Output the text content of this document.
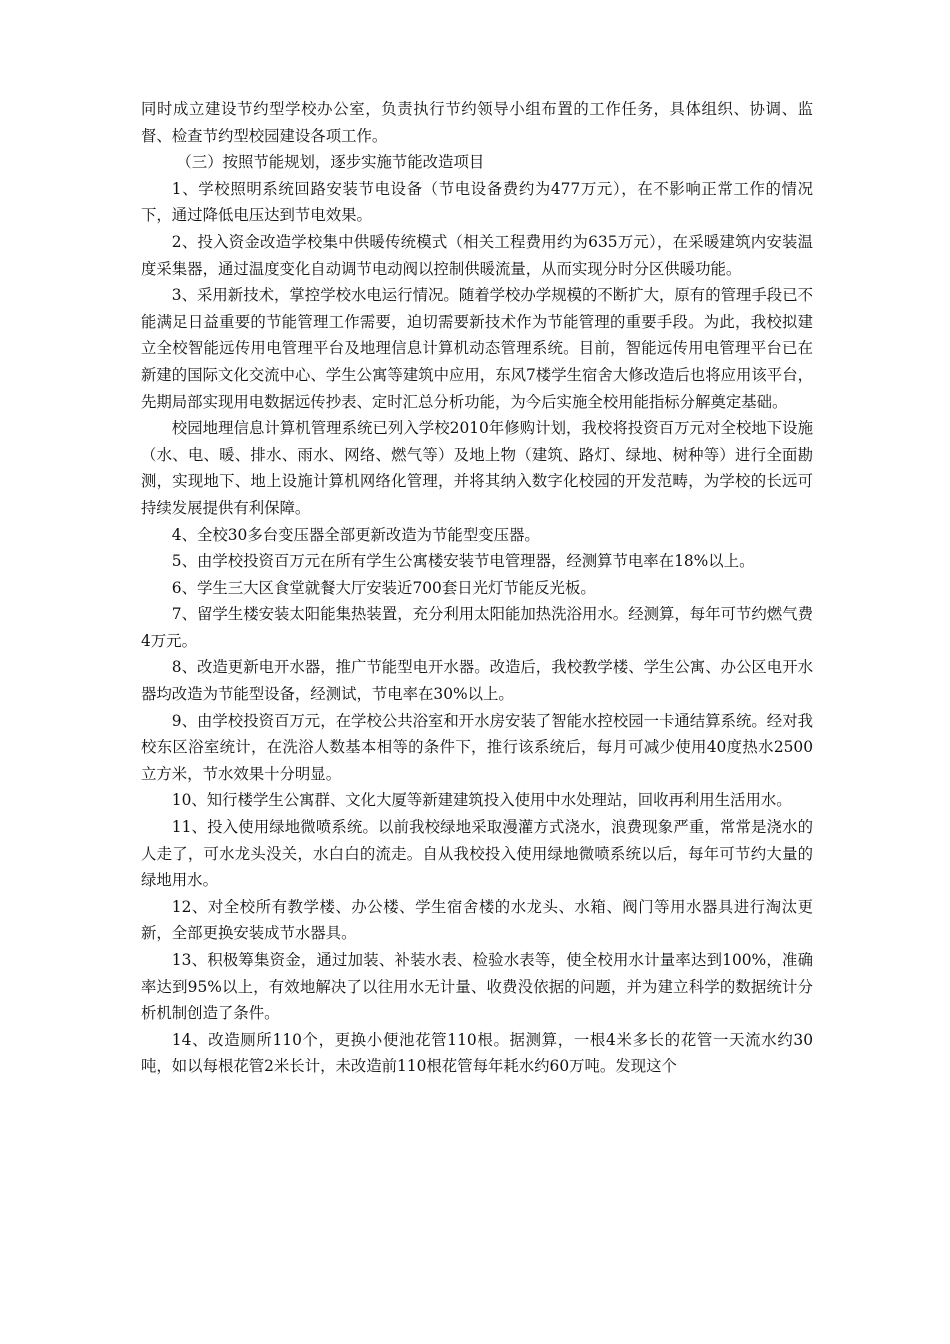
同时成立建设节约型学校办公室，负责执行节约领导小组布置的工作任务，具体组织、协调、监督、检查节约型校园建设各项工作。

（三）按照节能规划，逐步实施节能改造项目

1、学校照明系统回路安装节电设备（节电设备费约为477万元），在不影响正常工作的情况下，通过降低电压达到节电效果。

2、投入资金改造学校集中供暖传统模式（相关工程费用约为635万元），在采暖建筑内安装温度采集器，通过温度变化自动调节电动阀以控制供暖流量，从而实现分时分区供暖功能。

3、采用新技术，掌控学校水电运行情况。随着学校办学规模的不断扩大，原有的管理手段已不能满足日益重要的节能管理工作需要，迫切需要新技术作为节能管理的重要手段。为此，我校拟建立全校智能远传用电管理平台及地理信息计算机动态管理系统。目前，智能远传用电管理平台已在新建的国际文化交流中心、学生公寓等建筑中应用，东风7楼学生宿舍大修改造后也将应用该平台，先期局部实现用电数据远传抄表、定时汇总分析功能，为今后实施全校用能指标分解奠定基础。

校园地理信息计算机管理系统已列入学校2010年修购计划，我校将投资百万元对全校地下设施（水、电、暖、排水、雨水、网络、燃气等）及地上物（建筑、路灯、绿地、树种等）进行全面勘测，实现地下、地上设施计算机网络化管理，并将其纳入数字化校园的开发范畴，为学校的长远可持续发展提供有利保障。

4、全校30多台变压器全部更新改造为节能型变压器。

5、由学校投资百万元在所有学生公寓楼安装节电管理器，经测算节电率在18%以上。

6、学生三大区食堂就餐大厅安装近700套日光灯节能反光板。

7、留学生楼安装太阳能集热装置，充分利用太阳能加热洗浴用水。经测算，每年可节约燃气费4万元。

8、改造更新电开水器，推广节能型电开水器。改造后，我校教学楼、学生公寓、办公区电开水器均改造为节能型设备，经测试，节电率在30%以上。

9、由学校投资百万元，在学校公共浴室和开水房安装了智能水控校园一卡通结算系统。经对我校东区浴室统计，在洗浴人数基本相等的条件下，推行该系统后，每月可减少使用40度热水2500立方米，节水效果十分明显。

10、知行楼学生公寓群、文化大厦等新建建筑投入使用中水处理站，回收再利用生活用水。

11、投入使用绿地微喷系统。以前我校绿地采取漫灌方式浇水，浪费现象严重，常常是浇水的人走了，可水龙头没关，水白白的流走。自从我校投入使用绿地微喷系统以后，每年可节约大量的绿地用水。

12、对全校所有教学楼、办公楼、学生宿舍楼的水龙头、水箱、阀门等用水器具进行淘汰更新，全部更换安装成节水器具。

13、积极筹集资金，通过加装、补装水表、检验水表等，使全校用水计量率达到100%，准确率达到95%以上，有效地解决了以往用水无计量、收费没依据的问题，并为建立科学的数据统计分析机制创造了条件。

14、改造厕所110个，更换小便池花管110根。据测算，一根4米多长的花管一天流水约30吨，如以每根花管2米长计，未改造前110根花管每年耗水约60万吨。发现这个
